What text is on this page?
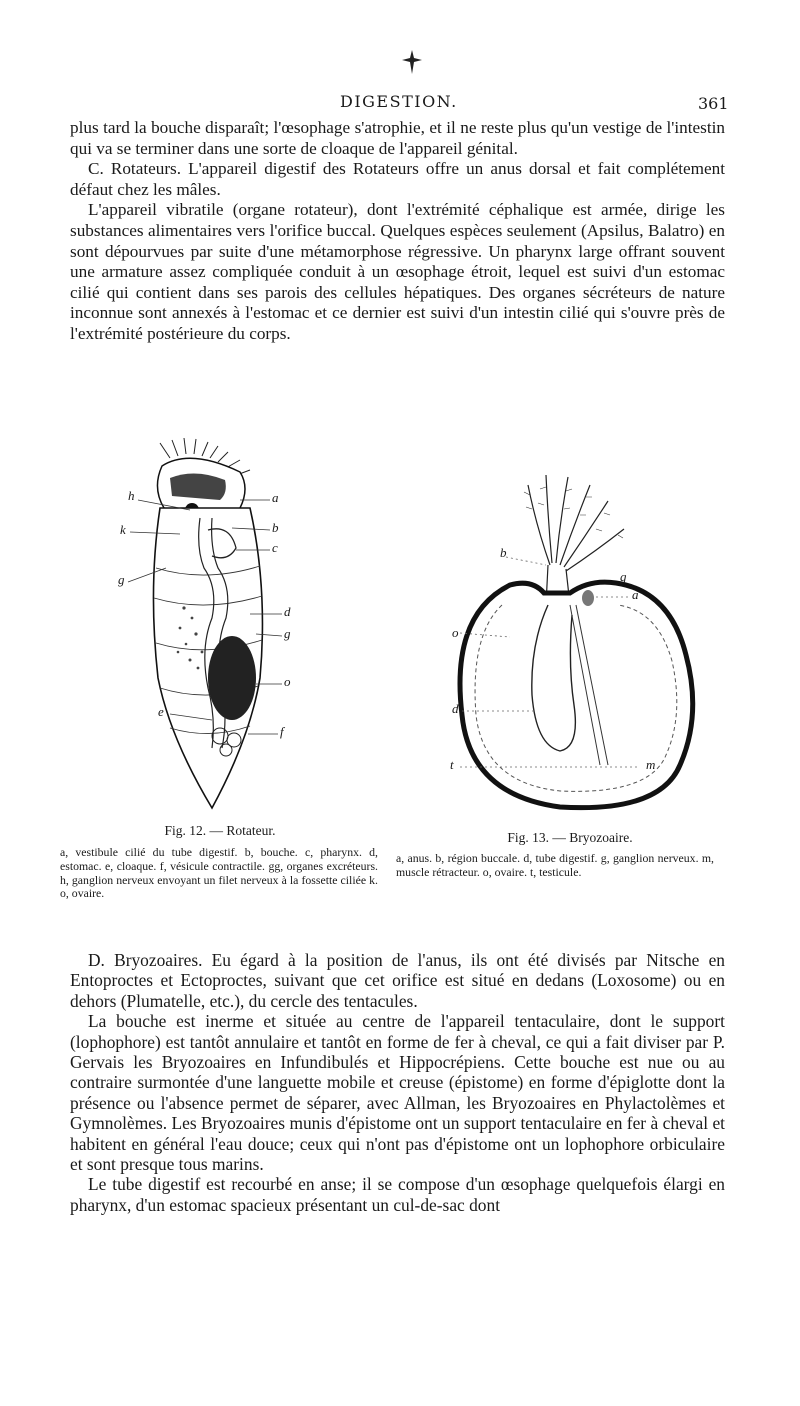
DIGESTION.	361

plus tard la bouche disparaît; l'œsophage s'atrophie, et il ne reste plus qu'un vestige de l'intestin qui va se terminer dans une sorte de cloaque de l'appareil génital.

C. Rotateurs. L'appareil digestif des Rotateurs offre un anus dorsal et fait complétement défaut chez les mâles.

L'appareil vibratile (organe rotateur), dont l'extrémité céphalique est armée, dirige les substances alimentaires vers l'orifice buccal. Quelques espèces seulement (Apsilus, Balatro) en sont dépourvues par suite d'une métamorphose régressive. Un pharynx large offrant souvent une armature assez compliquée conduit à un œsophage étroit, lequel est suivi d'un estomac cilié qui contient dans ses parois des cellules hépatiques. Des organes sécréteurs de nature inconnue sont annexés à l'estomac et ce dernier est suivi d'un intestin cilié qui s'ouvre près de l'extrémité postérieure du corps.

h
k
g
e
a
b
c
d
g
o
f
b
g
a
o
d
t	m
Fig. 12. — Rotateur.
a, vestibule cilié du tube digestif. b, bouche. c, pharynx. d, estomac. e, cloaque. f, vésicule contractile. gg, organes excréteurs. h, ganglion nerveux envoyant un filet nerveux à la fossette ciliée k. o, ovaire.
Fig. 13. — Bryozoaire.
a, anus. b, région buccale. d, tube digestif. g, ganglion nerveux. m, muscle rétracteur. o, ovaire. t, testicule.

D. Bryozoaires. Eu égard à la position de l'anus, ils ont été divisés par Nitsche en Entoproctes et Ectoproctes, suivant que cet orifice est situé en dedans (Loxosome) ou en dehors (Plumatelle, etc.), du cercle des tentacules.

La bouche est inerme et située au centre de l'appareil tentaculaire, dont le support (lophophore) est tantôt annulaire et tantôt en forme de fer à cheval, ce qui a fait diviser par P. Gervais les Bryozoaires en Infundibulés et Hippocrépiens. Cette bouche est nue ou au contraire surmontée d'une languette mobile et creuse (épistome) en forme d'épiglotte dont la présence ou l'absence permet de séparer, avec Allman, les Bryozoaires en Phylactolèmes et Gymnolèmes. Les Bryozoaires munis d'épistome ont un support tentaculaire en fer à cheval et habitent en général l'eau douce; ceux qui n'ont pas d'épistome ont un lophophore orbiculaire et sont presque tous marins.

Le tube digestif est recourbé en anse; il se compose d'un œsophage quelquefois élargi en pharynx, d'un estomac spacieux présentant un cul-de-sac dont
